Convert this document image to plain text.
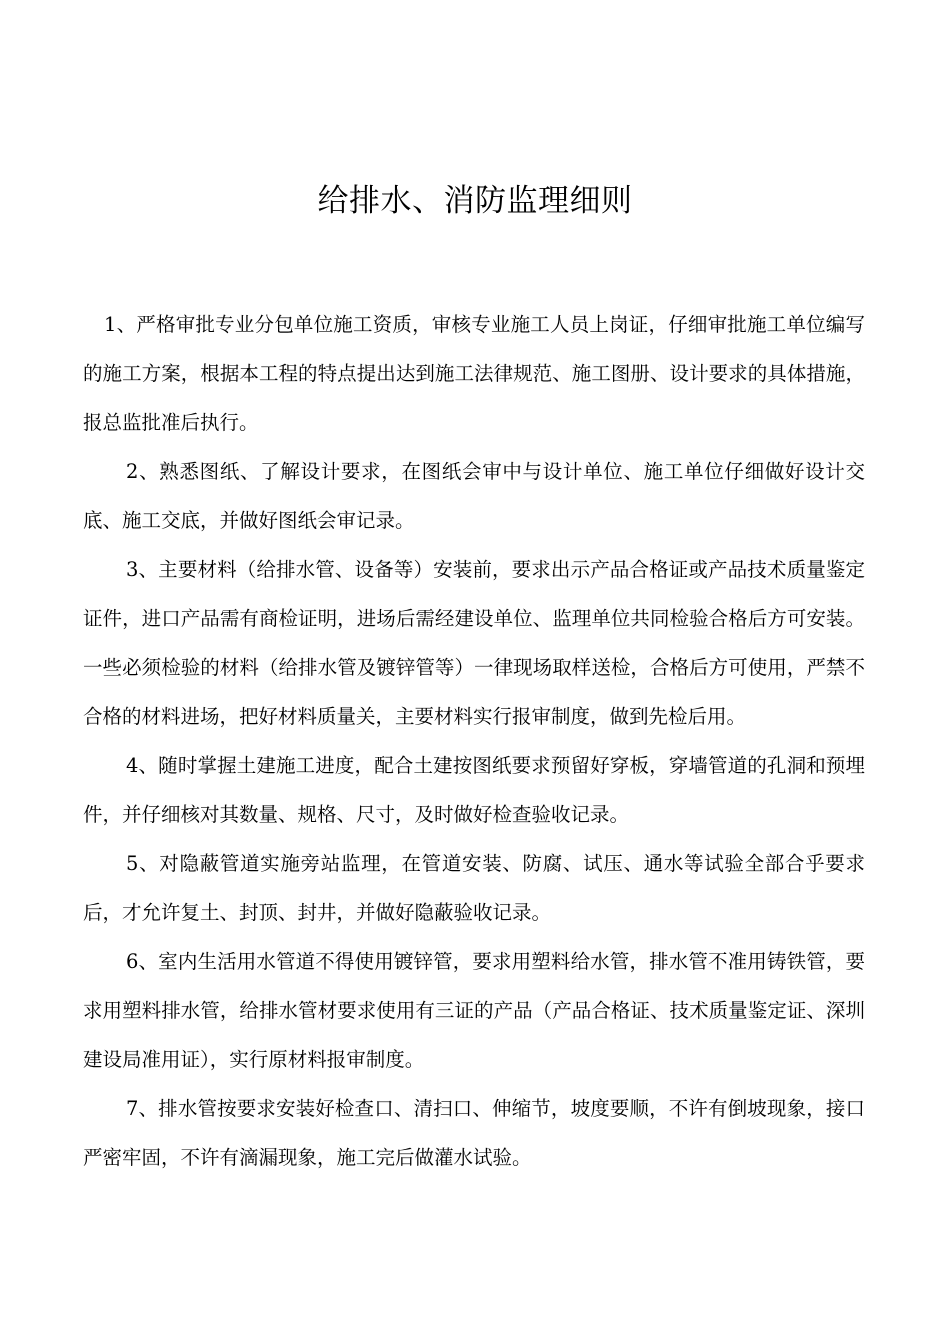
给排水、消防监理细则

1、严格审批专业分包单位施工资质，审核专业施工人员上岗证，仔细审批施工单位编写的施工方案，根据本工程的特点提出达到施工法律规范、施工图册、设计要求的具体措施，报总监批准后执行。

2、熟悉图纸、了解设计要求，在图纸会审中与设计单位、施工单位仔细做好设计交底、施工交底，并做好图纸会审记录。

3、主要材料（给排水管、设备等）安装前，要求出示产品合格证或产品技术质量鉴定证件，进口产品需有商检证明，进场后需经建设单位、监理单位共同检验合格后方可安装。一些必须检验的材料（给排水管及镀锌管等）一律现场取样送检，合格后方可使用，严禁不合格的材料进场，把好材料质量关，主要材料实行报审制度，做到先检后用。

4、随时掌握土建施工进度，配合土建按图纸要求预留好穿板，穿墙管道的孔洞和预埋件，并仔细核对其数量、规格、尺寸，及时做好检查验收记录。

5、对隐蔽管道实施旁站监理，在管道安装、防腐、试压、通水等试验全部合乎要求后，才允许复土、封顶、封井，并做好隐蔽验收记录。

6、室内生活用水管道不得使用镀锌管，要求用塑料给水管，排水管不准用铸铁管，要求用塑料排水管，给排水管材要求使用有三证的产品（产品合格证、技术质量鉴定证、深圳建设局准用证），实行原材料报审制度。

7、排水管按要求安装好检查口、清扫口、伸缩节，坡度要顺，不许有倒坡现象，接口严密牢固，不许有滴漏现象，施工完后做灌水试验。
